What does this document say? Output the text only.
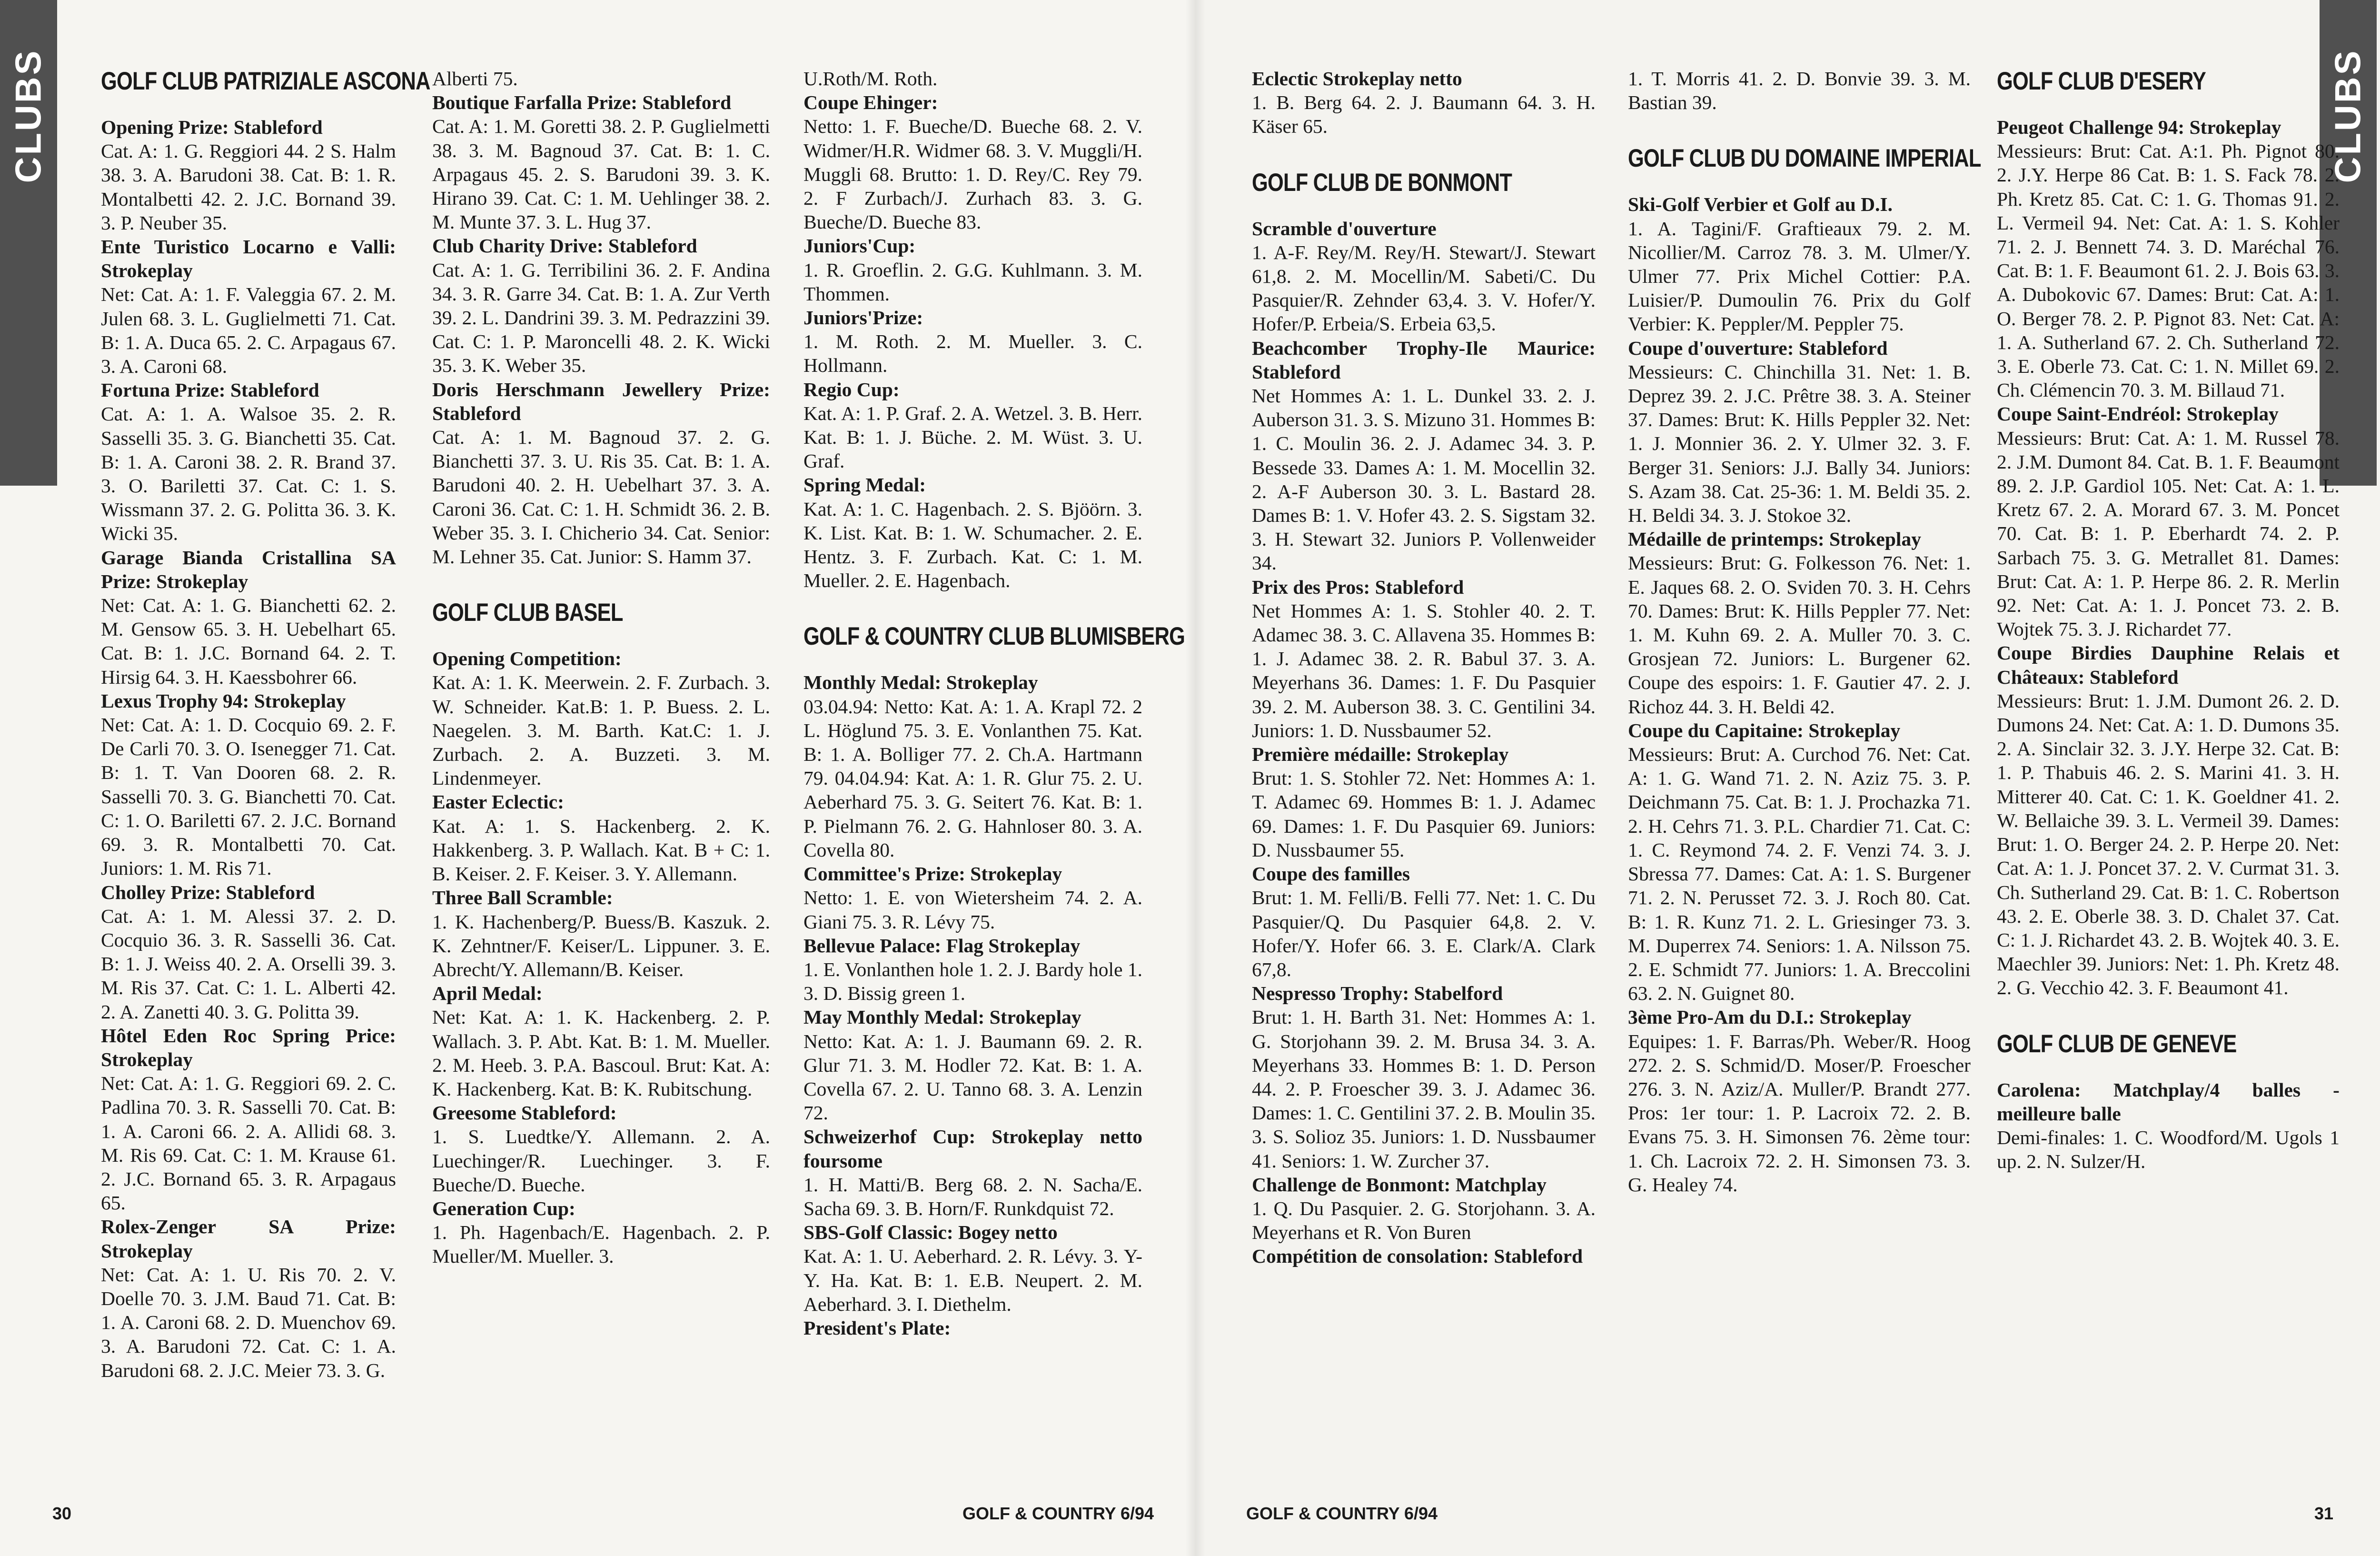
CLUBS	CLUBS

GOLF CLUB PATRIZIALE ASCONA

Opening Prize: Stableford

Cat. A: 1. G. Reggiori 44. 2 S. Halm 38. 3. A. Barudoni 38. Cat. B: 1. R. Montalbetti 42. 2. J.C. Bornand 39. 3. P. Neuber 35.

Ente Turistico Locarno e Valli: Strokeplay

Net: Cat. A: 1. F. Valeggia 67. 2. M. Julen 68. 3. L. Guglielmetti 71. Cat. B: 1. A. Duca 65. 2. C. Arpagaus 67. 3. A. Caroni 68.

Fortuna Prize: Stableford

Cat. A: 1. A. Walsoe 35. 2. R. Sasselli 35. 3. G. Bianchetti 35. Cat. B: 1. A. Caroni 38. 2. R. Brand 37. 3. O. Bariletti 37. Cat. C: 1. S. Wissmann 37. 2. G. Politta 36. 3. K. Wicki 35.

Garage Bianda Cristallina SA Prize: Strokeplay

Net: Cat. A: 1. G. Bianchetti 62. 2. M. Gensow 65. 3. H. Uebelhart 65. Cat. B: 1. J.C. Bornand 64. 2. T. Hirsig 64. 3. H. Kaessbohrer 66.

Lexus Trophy 94: Strokeplay

Net: Cat. A: 1. D. Cocquio 69. 2. F. De Carli 70. 3. O. Isenegger 71. Cat. B: 1. T. Van Dooren 68. 2. R. Sasselli 70. 3. G. Bianchetti 70. Cat. C: 1. O. Bariletti 67. 2. J.C. Bornand 69. 3. R. Montalbetti 70. Cat. Juniors: 1. M. Ris 71.

Cholley Prize: Stableford

Cat. A: 1. M. Alessi 37. 2. D. Cocquio 36. 3. R. Sasselli 36. Cat. B: 1. J. Weiss 40. 2. A. Orselli 39. 3. M. Ris 37. Cat. C: 1. L. Alberti 42. 2. A. Zanetti 40. 3. G. Politta 39.

Hôtel Eden Roc Spring Price: Strokeplay

Net: Cat. A: 1. G. Reggiori 69. 2. C. Padlina 70. 3. R. Sasselli 70. Cat. B: 1. A. Caroni 66. 2. A. Allidi 68. 3. M. Ris 69. Cat. C: 1. M. Krause 61. 2. J.C. Bornand 65. 3. R. Arpagaus 65.

Rolex-Zenger SA Prize: Strokeplay

Net: Cat. A: 1. U. Ris 70. 2. V. Doelle 70. 3. J.M. Baud 71. Cat. B: 1. A. Caroni 68. 2. D. Muenchov 69. 3. A. Barudoni 72. Cat. C: 1. A. Barudoni 68. 2. J.C. Meier 73. 3. G.

Alberti 75.

Boutique Farfalla Prize: Stableford

Cat. A: 1. M. Goretti 38. 2. P. Guglielmetti 38. 3. M. Bagnoud 37. Cat. B: 1. C. Arpagaus 45. 2. S. Barudoni 39. 3. K. Hirano 39. Cat. C: 1. M. Uehlinger 38. 2. M. Munte 37. 3. L. Hug 37.

Club Charity Drive: Stableford

Cat. A: 1. G. Terribilini 36. 2. F. Andina 34. 3. R. Garre 34. Cat. B: 1. A. Zur Verth 39. 2. L. Dandrini 39. 3. M. Pedrazzini 39. Cat. C: 1. P. Maroncelli 48. 2. K. Wicki 35. 3. K. Weber 35.

Doris Herschmann Jewellery Prize: Stableford

Cat. A: 1. M. Bagnoud 37. 2. G. Bianchetti 37. 3. U. Ris 35. Cat. B: 1. A. Barudoni 40. 2. H. Uebelhart 37. 3. A. Caroni 36. Cat. C: 1. H. Schmidt 36. 2. B. Weber 35. 3. I. Chicherio 34. Cat. Senior: M. Lehner 35. Cat. Junior: S. Hamm 37.

GOLF CLUB BASEL

Opening Competition:

Kat. A: 1. K. Meerwein. 2. F. Zurbach. 3. W. Schneider. Kat.B: 1. P. Buess. 2. L. Naegelen. 3. M. Barth. Kat.C: 1. J. Zurbach. 2. A. Buzzeti. 3. M. Lindenmeyer.

Easter Eclectic:

Kat. A: 1. S. Hackenberg. 2. K. Hakkenberg. 3. P. Wallach. Kat. B + C: 1. B. Keiser. 2. F. Keiser. 3. Y. Allemann.

Three Ball Scramble:

1. K. Hachenberg/P. Buess/B. Kaszuk. 2. K. Zehntner/F. Keiser/L. Lippuner. 3. E. Abrecht/Y. Allemann/B. Keiser.

April Medal:

Net: Kat. A: 1. K. Hackenberg. 2. P. Wallach. 3. P. Abt. Kat. B: 1. M. Mueller. 2. M. Heeb. 3. P.A. Bascoul. Brut: Kat. A: K. Hackenberg. Kat. B: K. Rubitschung.

Greesome Stableford:

1. S. Luedtke/Y. Allemann. 2. A. Luechinger/R. Luechinger. 3. F. Bueche/D. Bueche.

Generation Cup:

1. Ph. Hagenbach/E. Hagenbach. 2. P. Mueller/M. Mueller. 3.

U.Roth/M. Roth.

Coupe Ehinger:

Netto: 1. F. Bueche/D. Bueche 68. 2. V. Widmer/H.R. Widmer 68. 3. V. Muggli/H. Muggli 68. Brutto: 1. D. Rey/C. Rey 79. 2. F Zurbach/J. Zurhach 83. 3. G. Bueche/D. Bueche 83.

Juniors'Cup:

1. R. Groeflin. 2. G.G. Kuhlmann. 3. M. Thommen.

Juniors'Prize:

1. M. Roth. 2. M. Mueller. 3. C. Hollmann.

Regio Cup:

Kat. A: 1. P. Graf. 2. A. Wetzel. 3. B. Herr. Kat. B: 1. J. Büche. 2. M. Wüst. 3. U. Graf.

Spring Medal:

Kat. A: 1. C. Hagenbach. 2. S. Bjöörn. 3. K. List. Kat. B: 1. W. Schumacher. 2. E. Hentz. 3. F. Zurbach. Kat. C: 1. M. Mueller. 2. E. Hagenbach.

GOLF & COUNTRY CLUB BLUMISBERG

Monthly Medal: Strokeplay

03.04.94: Netto: Kat. A: 1. A. Krapl 72. 2 L. Höglund 75. 3. E. Vonlanthen 75. Kat. B: 1. A. Bolliger 77. 2. Ch.A. Hartmann 79. 04.04.94: Kat. A: 1. R. Glur 75. 2. U. Aeberhard 75. 3. G. Seitert 76. Kat. B: 1. P. Pielmann 76. 2. G. Hahnloser 80. 3. A. Covella 80.

Committee's Prize: Strokeplay

Netto: 1. E. von Wietersheim 74. 2. A. Giani 75. 3. R. Lévy 75.

Bellevue Palace: Flag Strokeplay

1. E. Vonlanthen hole 1. 2. J. Bardy hole 1. 3. D. Bissig green 1.

May Monthly Medal: Strokeplay

Netto: Kat. A: 1. J. Baumann 69. 2. R. Glur 71. 3. M. Hodler 72. Kat. B: 1. A. Covella 67. 2. U. Tanno 68. 3. A. Lenzin 72.

Schweizerhof Cup: Strokeplay netto foursome

1. H. Matti/B. Berg 68. 2. N. Sacha/E. Sacha 69. 3. B. Horn/F. Runkdquist 72.

SBS-Golf Classic: Bogey netto

Kat. A: 1. U. Aeberhard. 2. R. Lévy. 3. Y-Y. Ha. Kat. B: 1. E.B. Neupert. 2. M. Aeberhard. 3. I. Diethelm.

President's Plate:

Eclectic Strokeplay netto

1. B. Berg 64. 2. J. Baumann 64. 3. H. Käser 65.

GOLF CLUB DE BONMONT

Scramble d'ouverture

1. A-F. Rey/M. Rey/H. Stewart/J. Stewart 61,8. 2. M. Mocellin/M. Sabeti/C. Du Pasquier/R. Zehnder 63,4. 3. V. Hofer/Y. Hofer/P. Erbeia/S. Erbeia 63,5.

Beachcomber Trophy-Ile Maurice: Stableford

Net Hommes A: 1. L. Dunkel 33. 2. J. Auberson 31. 3. S. Mizuno 31. Hommes B: 1. C. Moulin 36. 2. J. Adamec 34. 3. P. Bessede 33. Dames A: 1. M. Mocellin 32. 2. A-F Auberson 30. 3. L. Bastard 28. Dames B: 1. V. Hofer 43. 2. S. Sigstam 32. 3. H. Stewart 32. Juniors P. Vollenweider 34.

Prix des Pros: Stableford

Net Hommes A: 1. S. Stohler 40. 2. T. Adamec 38. 3. C. Allavena 35. Hommes B: 1. J. Adamec 38. 2. R. Babul 37. 3. A. Meyerhans 36. Dames: 1. F. Du Pasquier 39. 2. M. Auberson 38. 3. C. Gentilini 34. Juniors: 1. D. Nussbaumer 52.

Première médaille: Strokeplay

Brut: 1. S. Stohler 72. Net: Hommes A: 1. T. Adamec 69. Hommes B: 1. J. Adamec 69. Dames: 1. F. Du Pasquier 69. Juniors: D. Nussbaumer 55.

Coupe des familles

Brut: 1. M. Felli/B. Felli 77. Net: 1. C. Du Pasquier/Q. Du Pasquier 64,8. 2. V. Hofer/Y. Hofer 66. 3. E. Clark/A. Clark 67,8.

Nespresso Trophy: Stabelford

Brut: 1. H. Barth 31. Net: Hommes A: 1. G. Storjohann 39. 2. M. Brusa 34. 3. A. Meyerhans 33. Hommes B: 1. D. Person 44. 2. P. Froescher 39. 3. J. Adamec 36. Dames: 1. C. Gentilini 37. 2. B. Moulin 35. 3. S. Solioz 35. Juniors: 1. D. Nussbaumer 41. Seniors: 1. W. Zurcher 37.

Challenge de Bonmont: Matchplay

1. Q. Du Pasquier. 2. G. Storjohann. 3. A. Meyerhans et R. Von Buren

Compétition de consolation: Stableford

1. T. Morris 41. 2. D. Bonvie 39. 3. M. Bastian 39.

GOLF CLUB DU DOMAINE IMPERIAL

Ski-Golf Verbier et Golf au D.I.

1. A. Tagini/F. Graftieaux 79. 2. M. Nicollier/M. Carroz 78. 3. M. Ulmer/Y. Ulmer 77. Prix Michel Cottier: P.A. Luisier/P. Dumoulin 76. Prix du Golf Verbier: K. Peppler/M. Peppler 75.

Coupe d'ouverture: Stableford

Messieurs: C. Chinchilla 31. Net: 1. B. Deprez 39. 2. J.C. Prêtre 38. 3. A. Steiner 37. Dames: Brut: K. Hills Peppler 32. Net: 1. J. Monnier 36. 2. Y. Ulmer 32. 3. F. Berger 31. Seniors: J.J. Bally 34. Juniors: S. Azam 38. Cat. 25-36: 1. M. Beldi 35. 2. H. Beldi 34. 3. J. Stokoe 32.

Médaille de printemps: Strokeplay

Messieurs: Brut: G. Folkesson 76. Net: 1. E. Jaques 68. 2. O. Sviden 70. 3. H. Cehrs 70. Dames: Brut: K. Hills Peppler 77. Net: 1. M. Kuhn 69. 2. A. Muller 70. 3. C. Grosjean 72. Juniors: L. Burgener 62. Coupe des espoirs: 1. F. Gautier 47. 2. J. Richoz 44. 3. H. Beldi 42.

Coupe du Capitaine: Strokeplay

Messieurs: Brut: A. Curchod 76. Net: Cat. A: 1. G. Wand 71. 2. N. Aziz 75. 3. P. Deichmann 75. Cat. B: 1. J. Prochazka 71. 2. H. Cehrs 71. 3. P.L. Chardier 71. Cat. C: 1. C. Reymond 74. 2. F. Venzi 74. 3. J. Sbressa 77. Dames: Cat. A: 1. S. Burgener 71. 2. N. Perusset 72. 3. J. Roch 80. Cat. B: 1. R. Kunz 71. 2. L. Griesinger 73. 3. M. Duperrex 74. Seniors: 1. A. Nilsson 75. 2. E. Schmidt 77. Juniors: 1. A. Breccolini 63. 2. N. Guignet 80.

3ème Pro-Am du D.I.: Strokeplay

Equipes: 1. F. Barras/Ph. Weber/R. Hoog 272. 2. S. Schmid/D. Moser/P. Froescher 276. 3. N. Aziz/A. Muller/P. Brandt 277. Pros: 1er tour: 1. P. Lacroix 72. 2. B. Evans 75. 3. H. Simonsen 76. 2ème tour: 1. Ch. Lacroix 72. 2. H. Simonsen 73. 3. G. Healey 74.

GOLF CLUB D'ESERY

Peugeot Challenge 94: Strokeplay

Messieurs: Brut: Cat. A:1. Ph. Pignot 80. 2. J.Y. Herpe 86 Cat. B: 1. S. Fack 78. 2. Ph. Kretz 85. Cat. C: 1. G. Thomas 91. 2. L. Vermeil 94. Net: Cat. A: 1. S. Kohler 71. 2. J. Bennett 74. 3. D. Maréchal 76. Cat. B: 1. F. Beaumont 61. 2. J. Bois 63. 3. A. Dubokovic 67. Dames: Brut: Cat. A: 1. O. Berger 78. 2. P. Pignot 83. Net: Cat. A: 1. A. Sutherland 67. 2. Ch. Sutherland 72. 3. E. Oberle 73. Cat. C: 1. N. Millet 69. 2. Ch. Clémencin 70. 3. M. Billaud 71.

Coupe Saint-Endréol: Strokeplay

Messieurs: Brut: Cat. A: 1. M. Russel 78. 2. J.M. Dumont 84. Cat. B. 1. F. Beaumont 89. 2. J.P. Gardiol 105. Net: Cat. A: 1. L. Kretz 67. 2. A. Morard 67. 3. M. Poncet 70. Cat. B: 1. P. Eberhardt 74. 2. P. Sarbach 75. 3. G. Metrallet 81. Dames: Brut: Cat. A: 1. P. Herpe 86. 2. R. Merlin 92. Net: Cat. A: 1. J. Poncet 73. 2. B. Wojtek 75. 3. J. Richardet 77.

Coupe Birdies Dauphine Relais et Châteaux: Stableford

Messieurs: Brut: 1. J.M. Dumont 26. 2. D. Dumons 24. Net: Cat. A: 1. D. Dumons 35. 2. A. Sinclair 32. 3. J.Y. Herpe 32. Cat. B: 1. P. Thabuis 46. 2. S. Marini 41. 3. H. Mitterer 40. Cat. C: 1. K. Goeldner 41. 2. W. Bellaiche 39. 3. L. Vermeil 39. Dames: Brut: 1. O. Berger 24. 2. P. Herpe 20. Net: Cat. A: 1. J. Poncet 37. 2. V. Curmat 31. 3. Ch. Sutherland 29. Cat. B: 1. C. Robertson 43. 2. E. Oberle 38. 3. D. Chalet 37. Cat. C: 1. J. Richardet 43. 2. B. Wojtek 40. 3. E. Maechler 39. Juniors: Net: 1. Ph. Kretz 48. 2. G. Vecchio 42. 3. F. Beaumont 41.

GOLF CLUB DE GENEVE

Carolena: Matchplay/4 balles - meilleure balle

Demi-finales: 1. C. Woodford/M. Ugols 1 up. 2. N. Sulzer/H.

30	GOLF & COUNTRY 6/94	GOLF & COUNTRY 6/94	31
